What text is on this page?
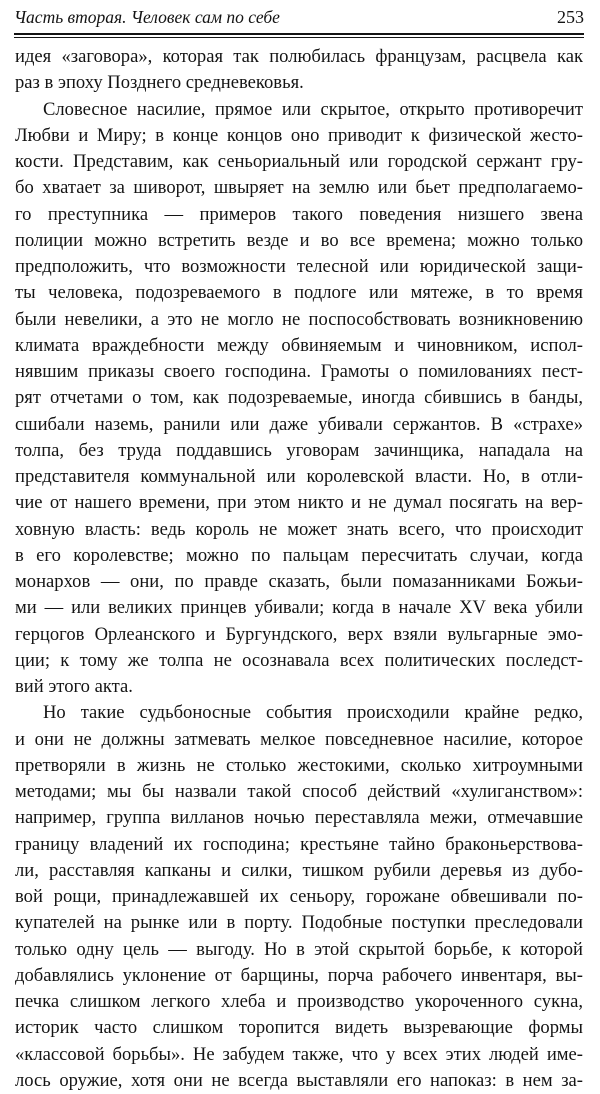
Часть вторая. Человек сам по себе	253
идея «заговора», которая так полюбилась французам, расцвела как
раз в эпоху Позднего средневековья.
Словесное насилие, прямое или скрытое, открыто противоречит
Любви и Миру; в конце концов оно приводит к физической жесто-
кости. Представим, как сеньориальный или городской сержант гру-
бо хватает за шиворот, швыряет на землю или бьет предполагаемо-
го преступника — примеров такого поведения низшего звена
полиции можно встретить везде и во все времена; можно только
предположить, что возможности телесной или юридической защи-
ты человека, подозреваемого в подлоге или мятеже, в то время
были невелики, а это не могло не поспособствовать возникновению
климата враждебности между обвиняемым и чиновником, испол-
нявшим приказы своего господина. Грамоты о помилованиях пест-
рят отчетами о том, как подозреваемые, иногда сбившись в банды,
сшибали наземь, ранили или даже убивали сержантов. В «страхе»
толпа, без труда поддавшись уговорам зачинщика, нападала на
представителя коммунальной или королевской власти. Но, в отли-
чие от нашего времени, при этом никто и не думал посягать на вер-
ховную власть: ведь король не может знать всего, что происходит
в его королевстве; можно по пальцам пересчитать случаи, когда
монархов — они, по правде сказать, были помазанниками Божьи-
ми — или великих принцев убивали; когда в начале XV века убили
герцогов Орлеанского и Бургундского, верх взяли вульгарные эмо-
ции; к тому же толпа не осознавала всех политических последст-
вий этого акта.
Но такие судьбоносные события происходили крайне редко,
и они не должны затмевать мелкое повседневное насилие, которое
претворяли в жизнь не столько жестокими, сколько хитроумными
методами; мы бы назвали такой способ действий «хулиганством»:
например, группа вилланов ночью переставляла межи, отмечавшие
границу владений их господина; крестьяне тайно браконьерствова-
ли, расставляя капканы и силки, тишком рубили деревья из дубо-
вой рощи, принадлежавшей их сеньору, горожане обвешивали по-
купателей на рынке или в порту. Подобные поступки преследовали
только одну цель — выгоду. Но в этой скрытой борьбе, к которой
добавлялись уклонение от барщины, порча рабочего инвентаря, вы-
печка слишком легкого хлеба и производство укороченного сукна,
историк часто слишком торопится видеть вызревающие формы
«классовой борьбы». Не забудем также, что у всех этих людей име-
лось оружие, хотя они не всегда выставляли его напоказ: в нем за-
